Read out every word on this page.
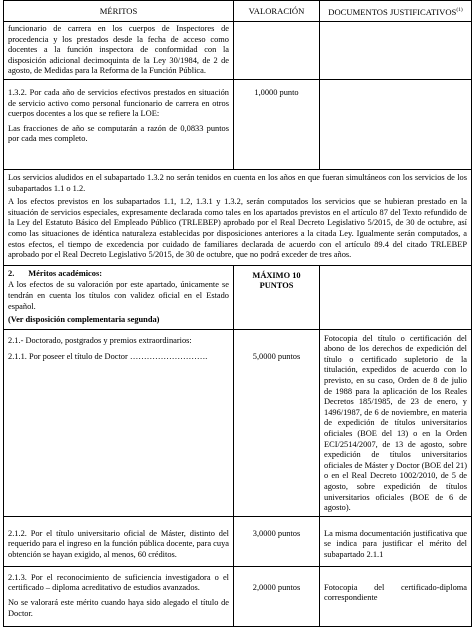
MÉRITOS	VALORACIÓN	DOCUMENTOS JUSTIFICATIVOS$^{(1)}$
funcionario de carrera en los cuerpos de Inspectores de procedencia y los prestados desde la fecha de acceso como docentes a la función inspectora de conformidad con la disposición adicional decimoquinta de la Ley 30/1984, de 2 de agosto, de Medidas para la Reforma de la Función Pública.		

1.3.2. Por cada año de servicios efectivos prestados en situación de servicio activo como personal funcionario de carrera en otros cuerpos docentes a los que se refiere la LOE:

Las fracciones de año se computarán a razón de 0,0833 puntos por cada mes completo.	1,0000 punto	

Los servicios aludidos en el subapartado 1.3.2 no serán tenidos en cuenta en los años en que fueran simultáneos con los servicios de los subapartados 1.1 o 1.2.

A los efectos previstos en los subapartados 1.1, 1.2, 1.3.1 y 1.3.2, serán computados los servicios que se hubieran prestado en la situación de servicios especiales, expresamente declarada como tales en los apartados previstos en el artículo 87 del Texto refundido de la Ley del Estatuto Básico del Empleado Público (TRLEBEP) aprobado por el Real Decreto Legislativo 5/2015, de 30 de octubre, así como las situaciones de idéntica naturaleza establecidas por disposiciones anteriores a la citada Ley. Igualmente serán computados, a estos efectos, el tiempo de excedencia por cuidado de familiares declarada de acuerdo con el artículo 89.4 del citado TRLEBEP aprobado por el Real Decreto Legislativo 5/2015, de 30 de octubre, que no podrá exceder de tres años.		

2. Méritos académicos:

A los efectos de su valoración por este apartado, únicamente se tendrán en cuenta los títulos con validez oficial en el Estado español.

(Ver disposición complementaria segunda)	MÁXIMO 10 PUNTOS	

2.1.- Doctorado, postgrados y premios extraordinarios:

2.1.1. Por poseer el título de Doctor ……………………….	5,0000 puntos	Fotocopia del título o certificación del abono de los derechos de expedición del título o certificado supletorio de la titulación, expedidos de acuerdo con lo previsto, en su caso, Orden de 8 de julio de 1988 para la aplicación de los Reales Decretos 185/1985, de 23 de enero, y 1496/1987, de 6 de noviembre, en materia de expedición de títulos universitarios oficiales (BOE del 13) o en la Orden ECI/2514/2007, de 13 de agosto, sobre expedición de títulos universitarios oficiales de Máster y Doctor (BOE del 21) o en el Real Decreto 1002/2010, de 5 de agosto, sobre expedición de títulos universitarios oficiales (BOE de 6 de agosto).

2.1.2. Por el título universitario oficial de Máster, distinto del requerido para el ingreso en la función pública docente, para cuya obtención se hayan exigido, al menos, 60 créditos.	3,0000 puntos	La misma documentación justificativa que se indica para justificar el mérito del subapartado 2.1.1

2.1.3. Por el reconocimiento de suficiencia investigadora o el certificado – diploma acreditativo de estudios avanzados.

No se valorará este mérito cuando haya sido alegado el título de Doctor.	2,0000 puntos	Fotocopia del certificado-diploma correspondiente
